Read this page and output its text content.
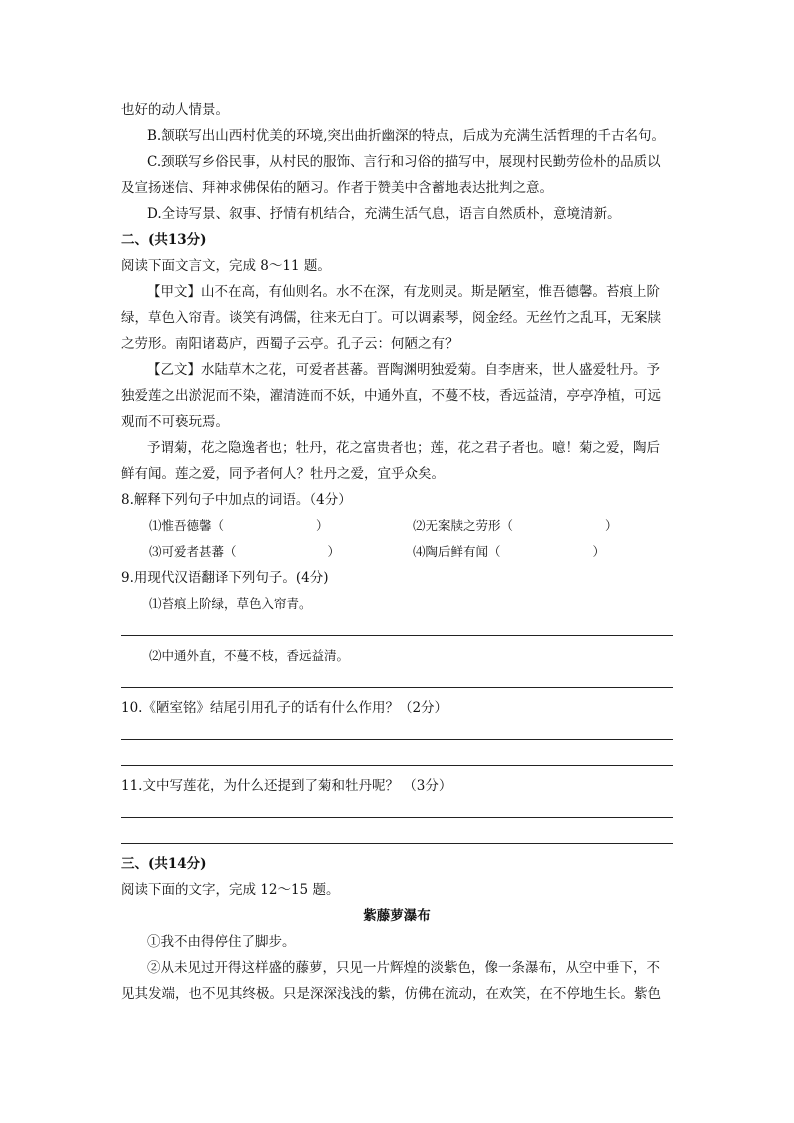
也好的动人情景。
B.颔联写出山西村优美的环境,突出曲折幽深的特点，后成为充满生活哲理的千古名句。
C.颈联写乡俗民事，从村民的服饰、言行和习俗的描写中，展现村民勤劳俭朴的品质以
及宣扬迷信、拜神求佛保佑的陋习。作者于赞美中含蓄地表达批判之意。
D.全诗写景、叙事、抒情有机结合，充满生活气息，语言自然质朴，意境清新。
二、(共13分)
阅读下面文言文，完成 8～11 题。
【甲文】山不在高，有仙则名。水不在深，有龙则灵。斯是陋室，惟吾德馨。苔痕上阶
绿，草色入帘青。谈笑有鸿儒，往来无白丁。可以调素琴，阅金经。无丝竹之乱耳，无案牍
之劳形。南阳诸葛庐，西蜀子云亭。孔子云：何陋之有？
【乙文】水陆草木之花，可爱者甚蕃。晋陶渊明独爱菊。自李唐来，世人盛爱牡丹。予
独爱莲之出淤泥而不染，濯清涟而不妖，中通外直，不蔓不枝，香远益清，亭亭净植，可远
观而不可亵玩焉。
予谓菊，花之隐逸者也；牡丹，花之富贵者也；莲，花之君子者也。噫！菊之爱，陶后
鲜有闻。莲之爱，同予者何人？牡丹之爱，宜乎众矣。
8.解释下列句子中加点的词语。（4分）
⑴惟吾德馨（	）	⑵无案牍之劳形（	）
⑶可爱者甚蕃（	）	⑷陶后鲜有闻（	）
9.用现代汉语翻译下列句子。(4分)
⑴苔痕上阶绿，草色入帘青。
⑵中通外直，不蔓不枝，香远益清。
10.《陋室铭》结尾引用孔子的话有什么作用？（2分）
11.文中写莲花，为什么还提到了菊和牡丹呢？ （3分）
三、(共14分)
阅读下面的文字，完成 12～15 题。
紫藤萝瀑布
①我不由得停住了脚步。
②从未见过开得这样盛的藤萝，只见一片辉煌的淡紫色，像一条瀑布，从空中垂下，不
见其发端，也不见其终极。只是深深浅浅的紫，仿佛在流动，在欢笑，在不停地生长。紫色
